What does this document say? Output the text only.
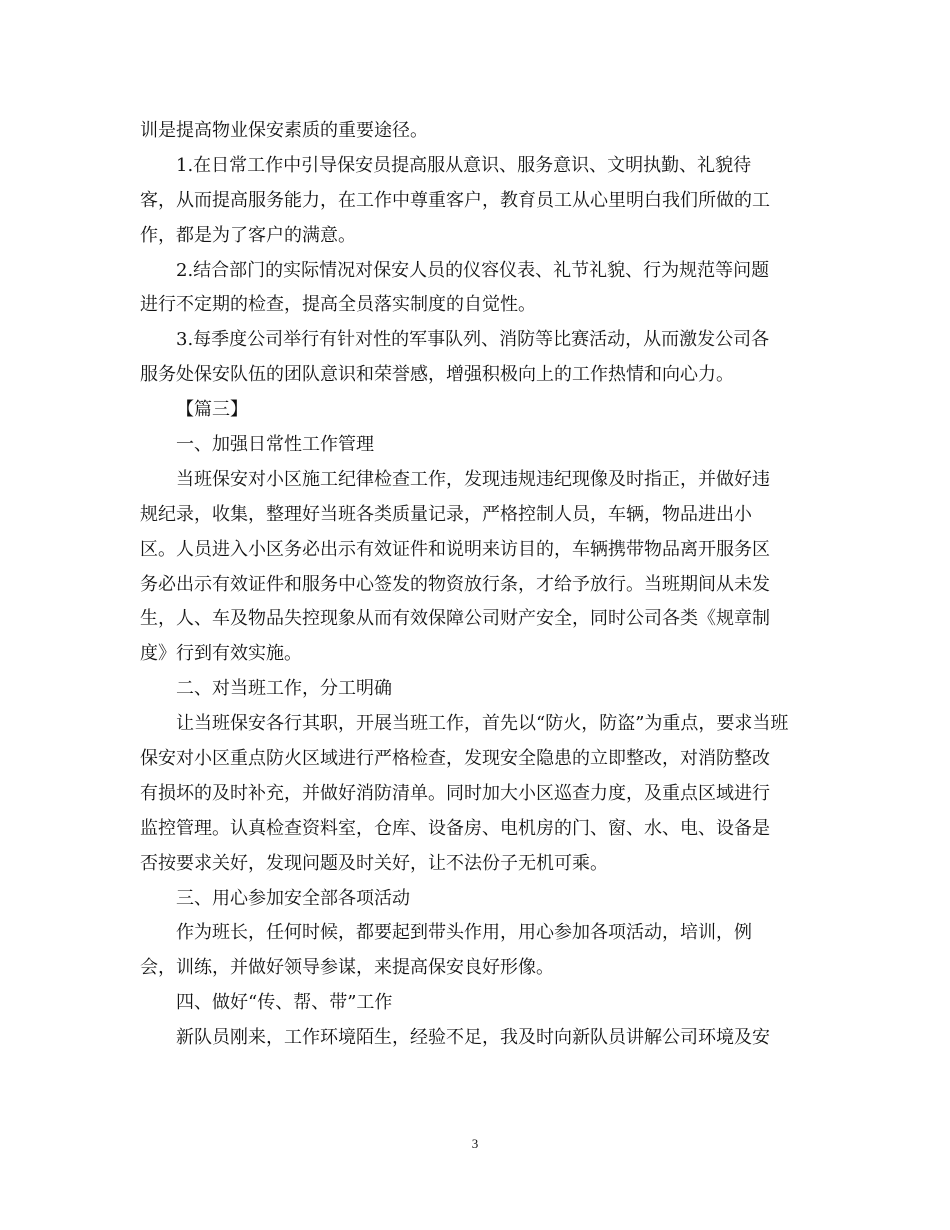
训是提高物业保安素质的重要途径。
1.在日常工作中引导保安员提高服从意识、服务意识、文明执勤、礼貌待
客，从而提高服务能力，在工作中尊重客户，教育员工从心里明白我们所做的工
作，都是为了客户的满意。
2.结合部门的实际情况对保安人员的仪容仪表、礼节礼貌、行为规范等问题
进行不定期的检查，提高全员落实制度的自觉性。
3.每季度公司举行有针对性的军事队列、消防等比赛活动，从而激发公司各
服务处保安队伍的团队意识和荣誉感，增强积极向上的工作热情和向心力。
【篇三】
一、加强日常性工作管理
当班保安对小区施工纪律检查工作，发现违规违纪现像及时指正，并做好违
规纪录，收集，整理好当班各类质量记录，严格控制人员，车辆，物品进出小
区。人员进入小区务必出示有效证件和说明来访目的，车辆携带物品离开服务区
务必出示有效证件和服务中心签发的物资放行条，才给予放行。当班期间从未发
生，人、车及物品失控现象从而有效保障公司财产安全，同时公司各类《规章制
度》行到有效实施。
二、对当班工作，分工明确
让当班保安各行其职，开展当班工作，首先以“防火，防盗”为重点，要求当班
保安对小区重点防火区域进行严格检查，发现安全隐患的立即整改，对消防整改
有损坏的及时补充，并做好消防清单。同时加大小区巡查力度，及重点区域进行
监控管理。认真检查资料室，仓库、设备房、电机房的门、窗、水、电、设备是
否按要求关好，发现问题及时关好，让不法份子无机可乘。
三、用心参加安全部各项活动
作为班长，任何时候，都要起到带头作用，用心参加各项活动，培训，例
会，训练，并做好领导参谋，来提高保安良好形像。
四、做好“传、帮、带”工作
新队员刚来，工作环境陌生，经验不足，我及时向新队员讲解公司环境及安
3
